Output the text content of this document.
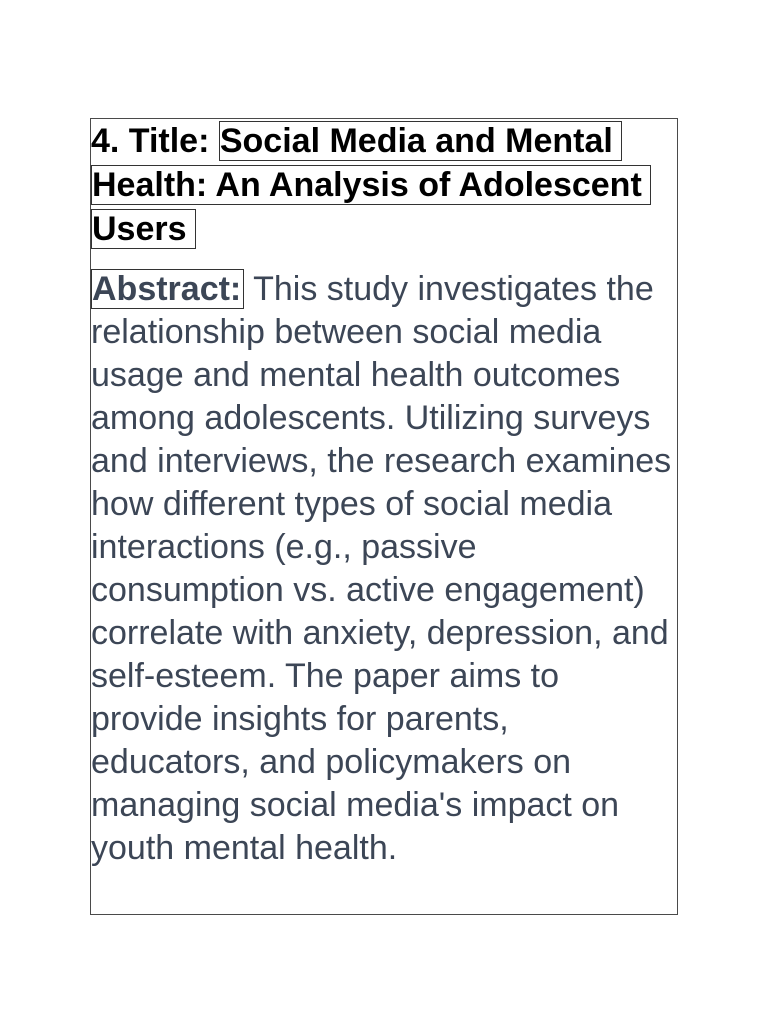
4. Title: Social Media and Mental Health: An Analysis of Adolescent Users

Abstract: This study investigates the relationship between social media usage and mental health outcomes among adolescents. Utilizing surveys and interviews, the research examines how different types of social media interactions (e.g., passive consumption vs. active engagement) correlate with anxiety, depression, and self-esteem. The paper aims to provide insights for parents, educators, and policymakers on managing social media's impact on youth mental health.
